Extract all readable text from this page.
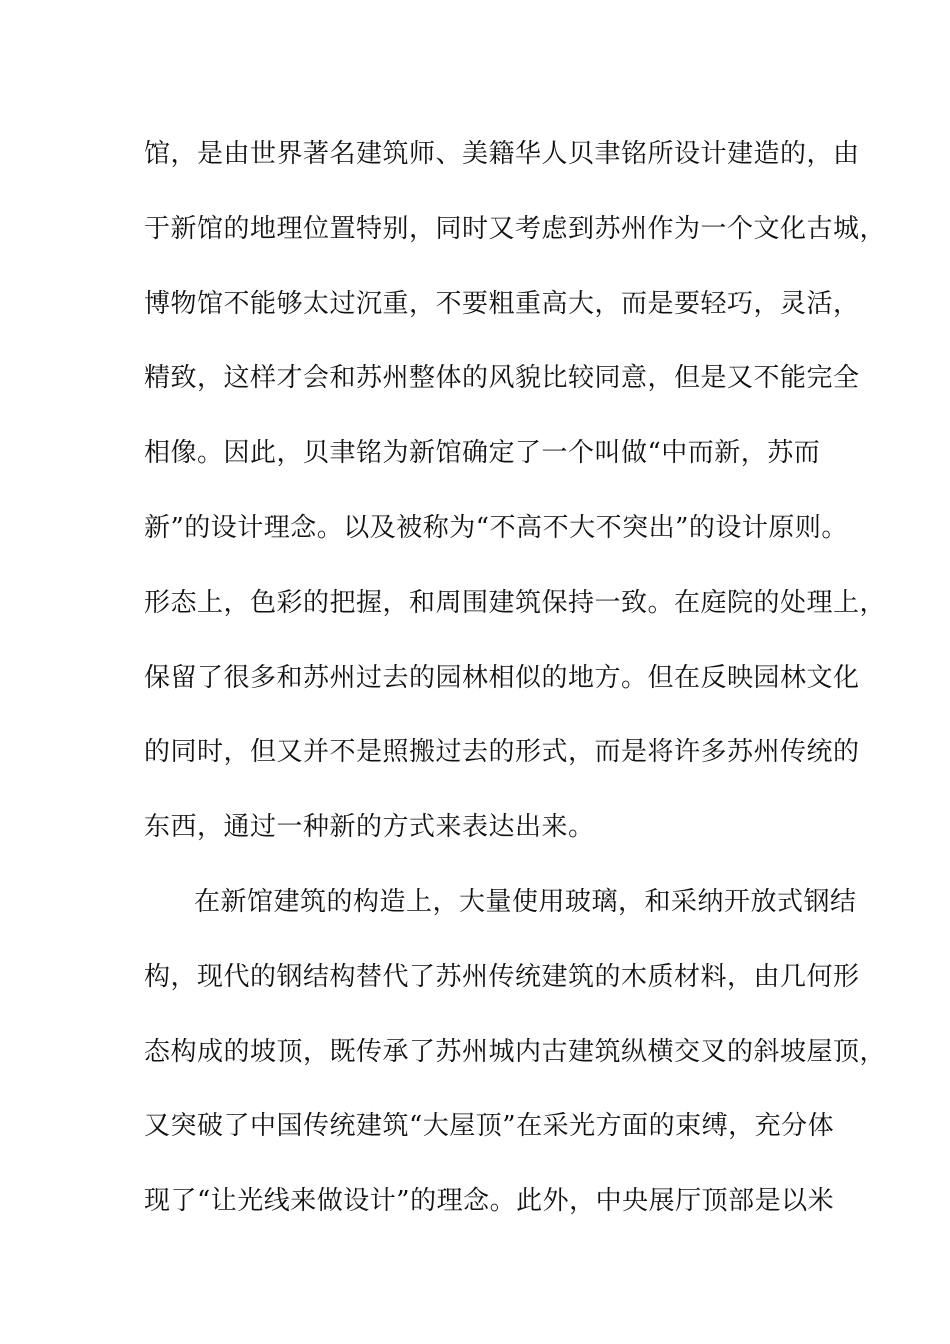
馆，是由世界著名建筑师、美籍华人贝聿铭所设计建造的，由
于新馆的地理位置特别，同时又考虑到苏州作为一个文化古城，
博物馆不能够太过沉重，不要粗重高大，而是要轻巧，灵活，
精致，这样才会和苏州整体的风貌比较同意，但是又不能完全
相像。因此，贝聿铭为新馆确定了一个叫做“中而新，苏而
新”的设计理念。以及被称为“不高不大不突出”的设计原则。
形态上，色彩的把握，和周围建筑保持一致。在庭院的处理上，
保留了很多和苏州过去的园林相似的地方。但在反映园林文化
的同时，但又并不是照搬过去的形式，而是将许多苏州传统的
东西，通过一种新的方式来表达出来。
在新馆建筑的构造上，大量使用玻璃，和采纳开放式钢结
构，现代的钢结构替代了苏州传统建筑的木质材料，由几何形
态构成的坡顶，既传承了苏州城内古建筑纵横交叉的斜坡屋顶，
又突破了中国传统建筑“大屋顶”在采光方面的束缚，充分体
现了“让光线来做设计”的理念。此外，中央展厅顶部是以米
